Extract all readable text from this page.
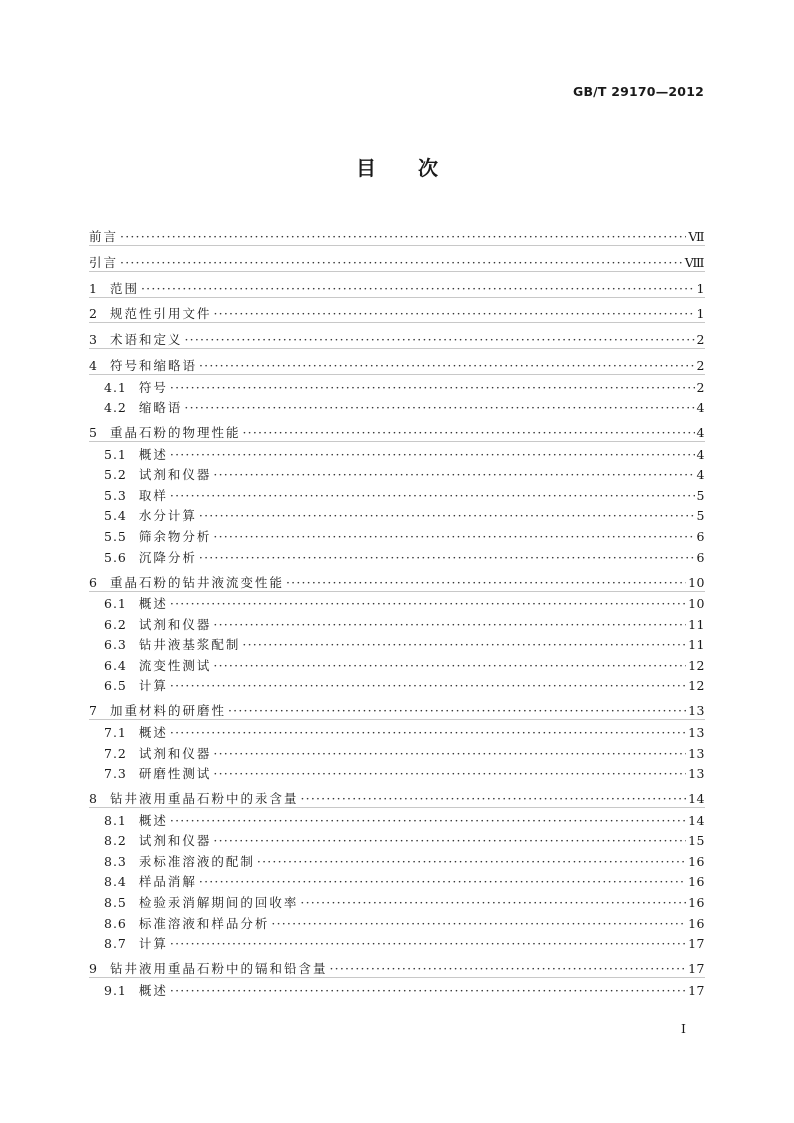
GB/T 29170—2012
目 次
前言 ·····	Ⅶ
引言 ·····	Ⅷ
1 范围 ·····	1
2 规范性引用文件 ·····	1
3 术语和定义 ·····	2
4 符号和缩略语 ·····	2
4.1 符号 ·····	2
4.2 缩略语 ·····	4
5 重晶石粉的物理性能 ·····	4
5.1 概述 ·····	4
5.2 试剂和仪器 ·····	4
5.3 取样 ·····	5
5.4 水分计算 ·····	5
5.5 筛余物分析 ·····	6
5.6 沉降分析 ·····	6
6 重晶石粉的钻井液流变性能 ·····	10
6.1 概述 ·····	10
6.2 试剂和仪器 ·····	11
6.3 钻井液基浆配制 ·····	11
6.4 流变性测试 ·····	12
6.5 计算 ·····	12
7 加重材料的研磨性 ·····	13
7.1 概述 ·····	13
7.2 试剂和仪器 ·····	13
7.3 研磨性测试 ·····	13
8 钻井液用重晶石粉中的汞含量 ·····	14
8.1 概述 ·····	14
8.2 试剂和仪器 ·····	15
8.3 汞标准溶液的配制 ·····	16
8.4 样品消解 ·····	16
8.5 检验汞消解期间的回收率 ·····	16
8.6 标准溶液和样品分析 ·····	16
8.7 计算 ·····	17
9 钻井液用重晶石粉中的镉和铅含量 ·····	17
9.1 概述 ·····	17
I
